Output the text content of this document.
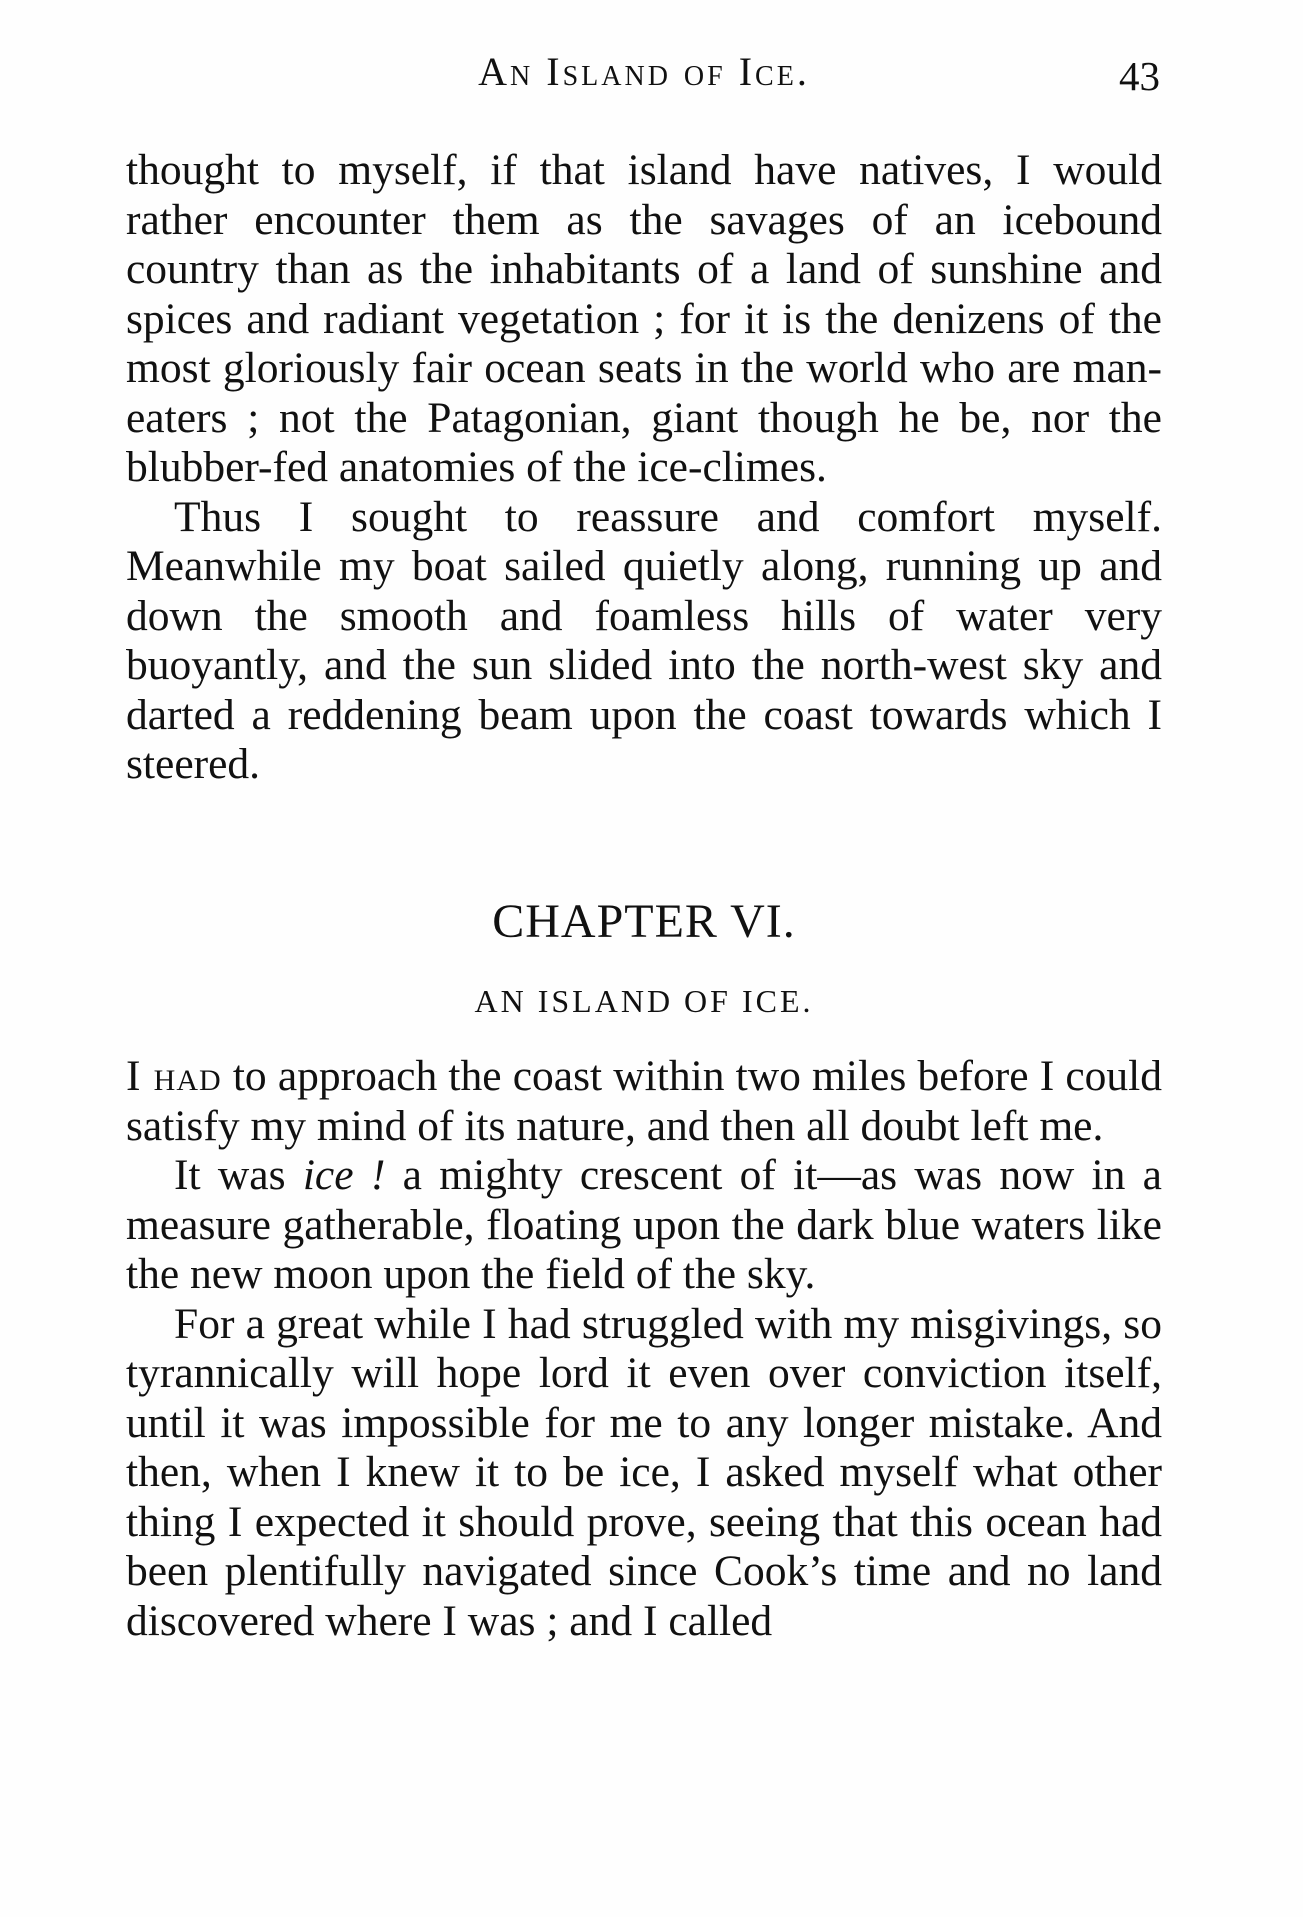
An Island of Ice.	43

thought to myself, if that island have natives, I would rather encounter them as the savages of an icebound country than as the inhabitants of a land of sunshine and spices and radiant vegetation ; for it is the denizens of the most gloriously fair ocean seats in the world who are man-eaters ; not the Patagonian, giant though he be, nor the blubber-fed anatomies of the ice-climes.

Thus I sought to reassure and comfort myself. Meanwhile my boat sailed quietly along, running up and down the smooth and foamless hills of water very buoyantly, and the sun slided into the north-west sky and darted a reddening beam upon the coast towards which I steered.

CHAPTER VI.
AN ISLAND OF ICE.

I had to approach the coast within two miles before I could satisfy my mind of its nature, and then all doubt left me.

It was ice ! a mighty crescent of it—as was now in a measure gatherable, floating upon the dark blue waters like the new moon upon the field of the sky.

For a great while I had struggled with my misgivings, so tyrannically will hope lord it even over conviction itself, until it was impossible for me to any longer mistake. And then, when I knew it to be ice, I asked myself what other thing I expected it should prove, seeing that this ocean had been plentifully navigated since Cook’s time and no land discovered where I was ; and I called
